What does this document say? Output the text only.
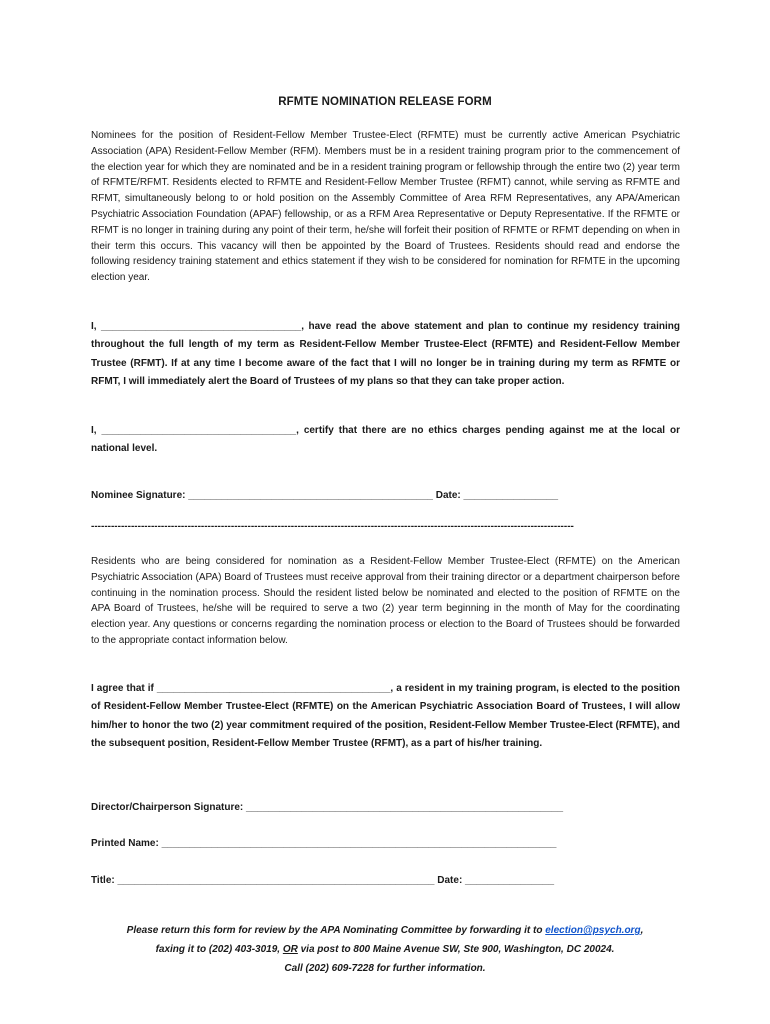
RFMTE NOMINATION RELEASE FORM

Nominees for the position of Resident-Fellow Member Trustee-Elect (RFMTE) must be currently active American Psychiatric Association (APA) Resident-Fellow Member (RFM). Members must be in a resident training program prior to the commencement of the election year for which they are nominated and be in a resident training program or fellowship through the entire two (2) year term of RFMTE/RFMT. Residents elected to RFMTE and Resident-Fellow Member Trustee (RFMT) cannot, while serving as RFMTE and RFMT, simultaneously belong to or hold position on the Assembly Committee of Area RFM Representatives, any APA/American Psychiatric Association Foundation (APAF) fellowship, or as a RFM Area Representative or Deputy Representative. If the RFMTE or RFMT is no longer in training during any point of their term, he/she will forfeit their position of RFMTE or RFMT depending on when in their term this occurs. This vacancy will then be appointed by the Board of Trustees. Residents should read and endorse the following residency training statement and ethics statement if they wish to be considered for nomination for RFMTE in the upcoming election year.

I, ____________________________________, have read the above statement and plan to continue my residency training throughout the full length of my term as Resident-Fellow Member Trustee-Elect (RFMTE) and Resident-Fellow Member Trustee (RFMT). If at any time I become aware of the fact that I will no longer be in training during my term as RFMTE or RFMT, I will immediately alert the Board of Trustees of my plans so that they can take proper action.

I, ___________________________________, certify that there are no ethics charges pending against me at the local or national level.

Nominee Signature: ____________________________________________ Date: _________________

-------------------------------------------------------------------------------------------------------------------------------------------------

Residents who are being considered for nomination as a Resident-Fellow Member Trustee-Elect (RFMTE) on the American Psychiatric Association (APA) Board of Trustees must receive approval from their training director or a department chairperson before continuing in the nomination process. Should the resident listed below be nominated and elected to the position of RFMTE on the APA Board of Trustees, he/she will be required to serve a two (2) year term beginning in the month of May for the coordinating election year. Any questions or concerns regarding the nomination process or election to the Board of Trustees should be forwarded to the appropriate contact information below.

I agree that if __________________________________________, a resident in my training program, is elected to the position of Resident-Fellow Member Trustee-Elect (RFMTE) on the American Psychiatric Association Board of Trustees, I will allow him/her to honor the two (2) year commitment required of the position, Resident-Fellow Member Trustee-Elect (RFMTE), and the subsequent position, Resident-Fellow Member Trustee (RFMT), as a part of his/her training.

Director/Chairperson Signature: _________________________________________________________

Printed Name: _______________________________________________________________________

Title: _________________________________________________________ Date: ________________

Please return this form for review by the APA Nominating Committee by forwarding it to election@psych.org,
faxing it to (202) 403-3019, OR via post to 800 Maine Avenue SW, Ste 900, Washington, DC 20024.
Call (202) 609-7228 for further information.
